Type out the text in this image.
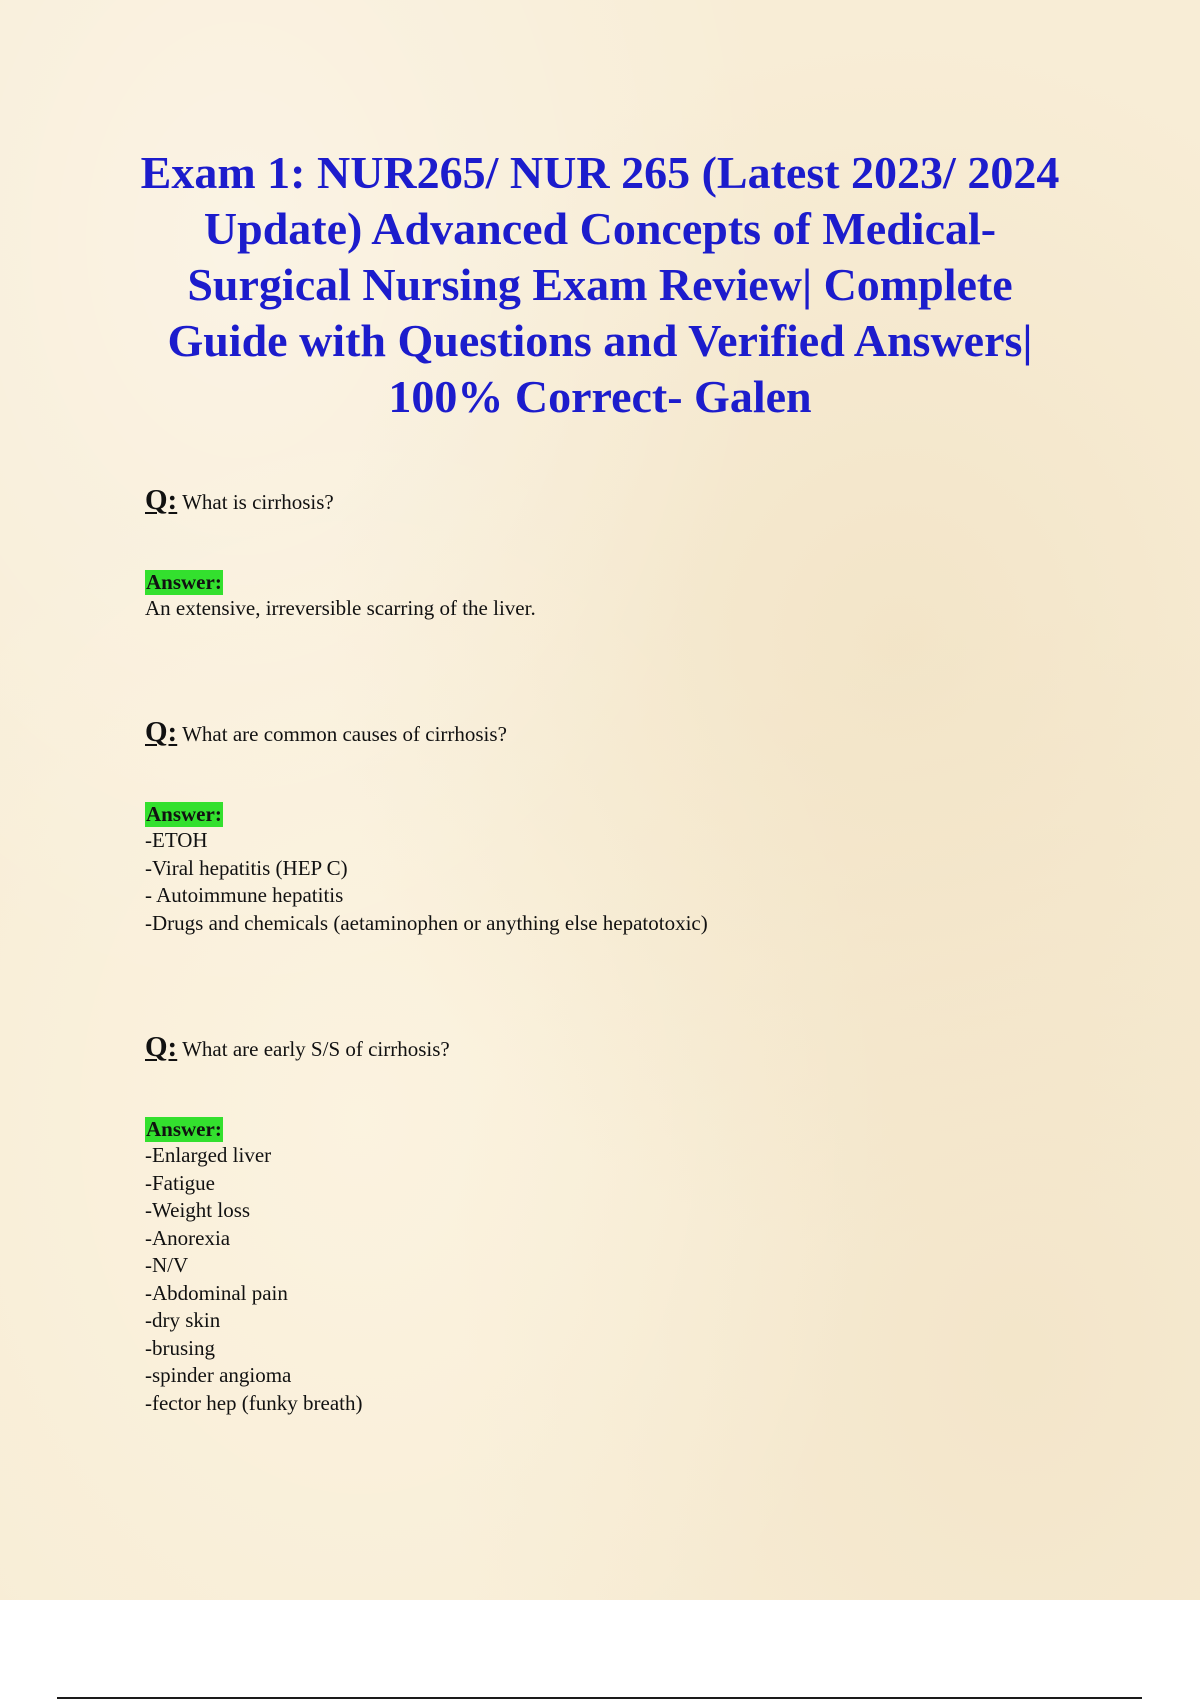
Exam 1: NUR265/ NUR 265 (Latest 2023/ 2024 Update) Advanced Concepts of Medical-Surgical Nursing Exam Review| Complete Guide with Questions and Verified Answers| 100% Correct- Galen
Q: What is cirrhosis?
Answer:
An extensive, irreversible scarring of the liver.
Q: What are common causes of cirrhosis?
Answer:
-ETOH
-Viral hepatitis (HEP C)
- Autoimmune hepatitis
-Drugs and chemicals (aetaminophen or anything else hepatotoxic)
Q: What are early S/S of cirrhosis?
Answer:
-Enlarged liver
-Fatigue
-Weight loss
-Anorexia
-N/V
-Abdominal pain
-dry skin
-brusing
-spinder angioma
-fector hep (funky breath)
